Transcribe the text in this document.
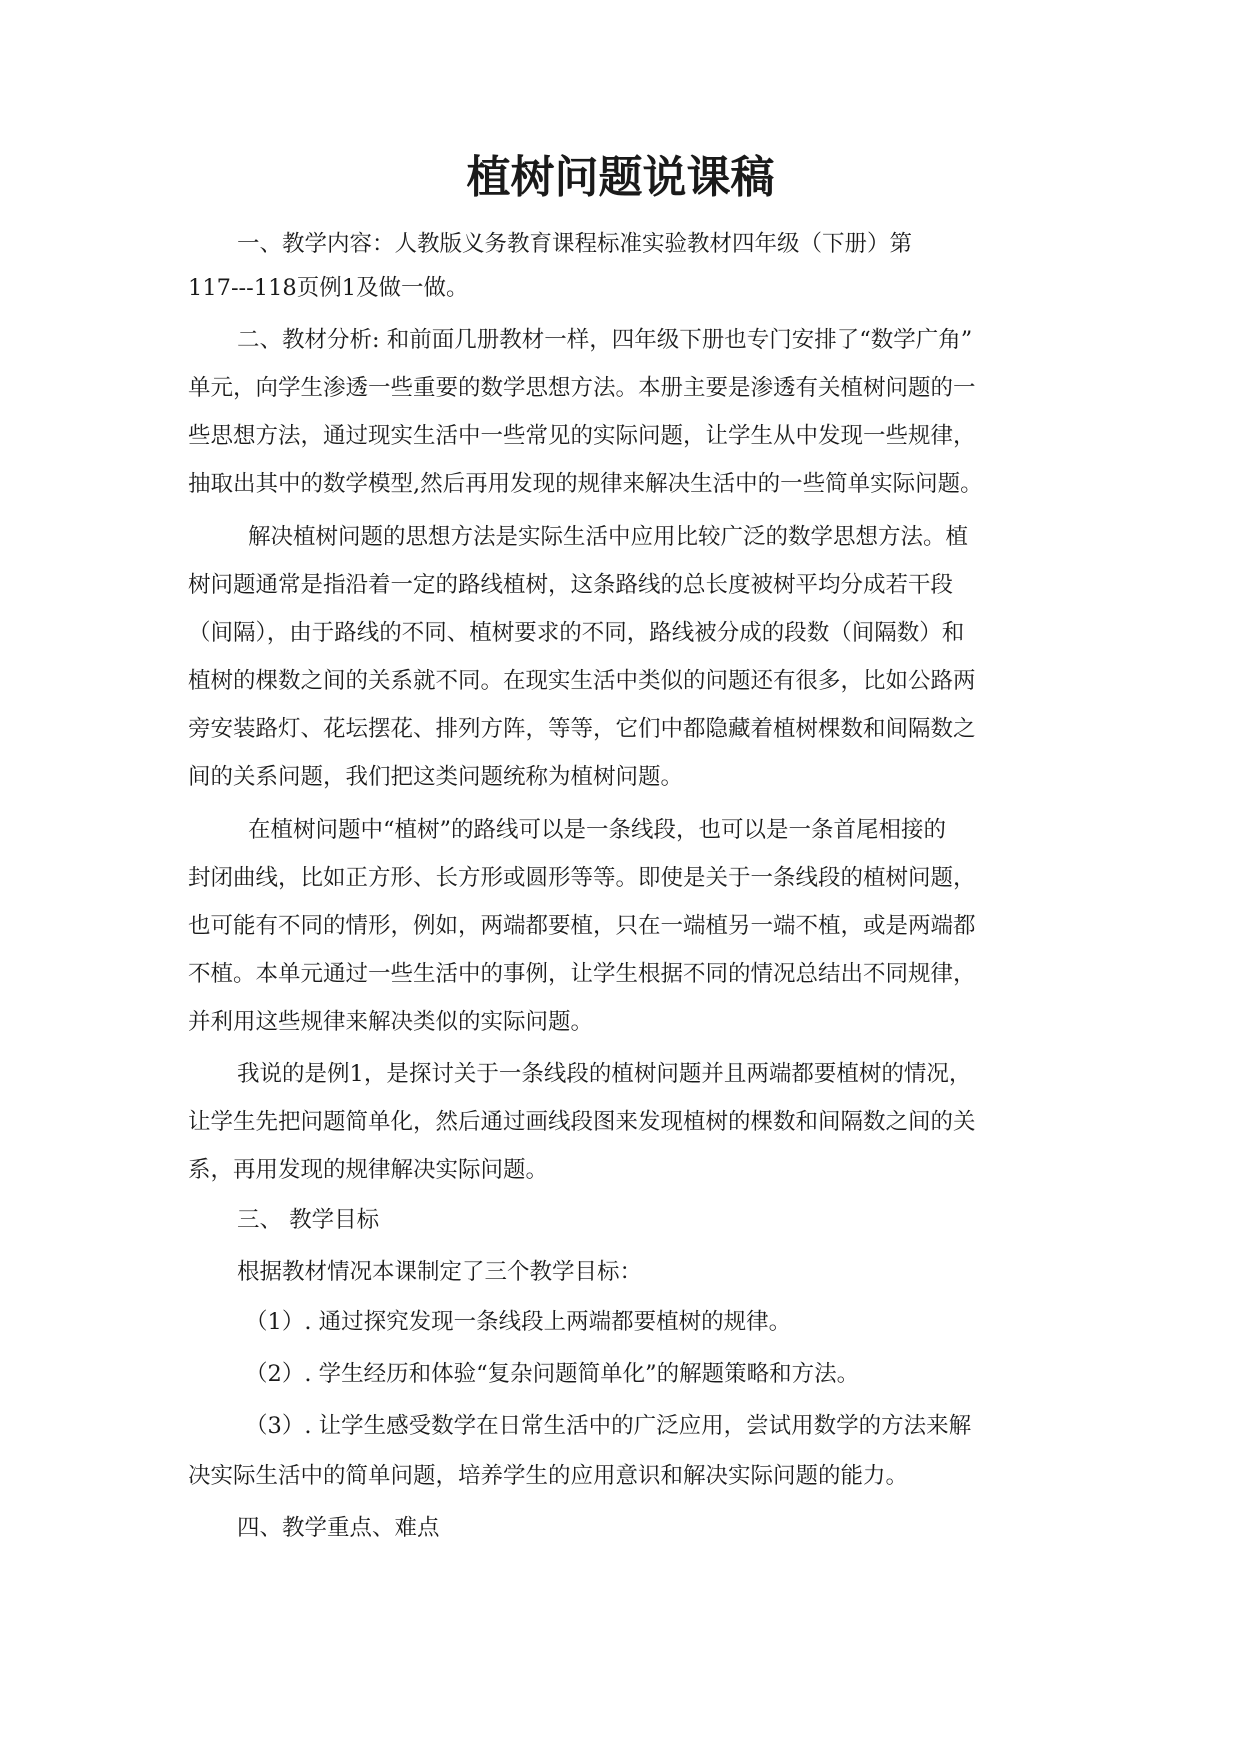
植树问题说课稿
一、教学内容：人教版义务教育课程标准实验教材四年级（下册）第
117---118页例1及做一做。
二、教材分析: 和前面几册教材一样，四年级下册也专门安排了“数学广角”
单元，向学生渗透一些重要的数学思想方法。本册主要是渗透有关植树问题的一
些思想方法，通过现实生活中一些常见的实际问题，让学生从中发现一些规律，
抽取出其中的数学模型,然后再用发现的规律来解决生活中的一些简单实际问题。
解决植树问题的思想方法是实际生活中应用比较广泛的数学思想方法。植
树问题通常是指沿着一定的路线植树，这条路线的总长度被树平均分成若干段
（间隔），由于路线的不同、植树要求的不同，路线被分成的段数（间隔数）和
植树的棵数之间的关系就不同。在现实生活中类似的问题还有很多，比如公路两
旁安装路灯、花坛摆花、排列方阵，等等，它们中都隐藏着植树棵数和间隔数之
间的关系问题，我们把这类问题统称为植树问题。
在植树问题中“植树”的路线可以是一条线段，也可以是一条首尾相接的
封闭曲线，比如正方形、长方形或圆形等等。即使是关于一条线段的植树问题，
也可能有不同的情形，例如，两端都要植，只在一端植另一端不植，或是两端都
不植。本单元通过一些生活中的事例，让学生根据不同的情况总结出不同规律，
并利用这些规律来解决类似的实际问题。
我说的是例1，是探讨关于一条线段的植树问题并且两端都要植树的情况，
让学生先把问题简单化，然后通过画线段图来发现植树的棵数和间隔数之间的关
系，再用发现的规律解决实际问题。
三、 教学目标
根据教材情况本课制定了三个教学目标：
（1）. 通过探究发现一条线段上两端都要植树的规律。
（2）. 学生经历和体验“复杂问题简单化”的解题策略和方法。
（3）. 让学生感受数学在日常生活中的广泛应用，尝试用数学的方法来解
决实际生活中的简单问题，培养学生的应用意识和解决实际问题的能力。
四、教学重点、难点
